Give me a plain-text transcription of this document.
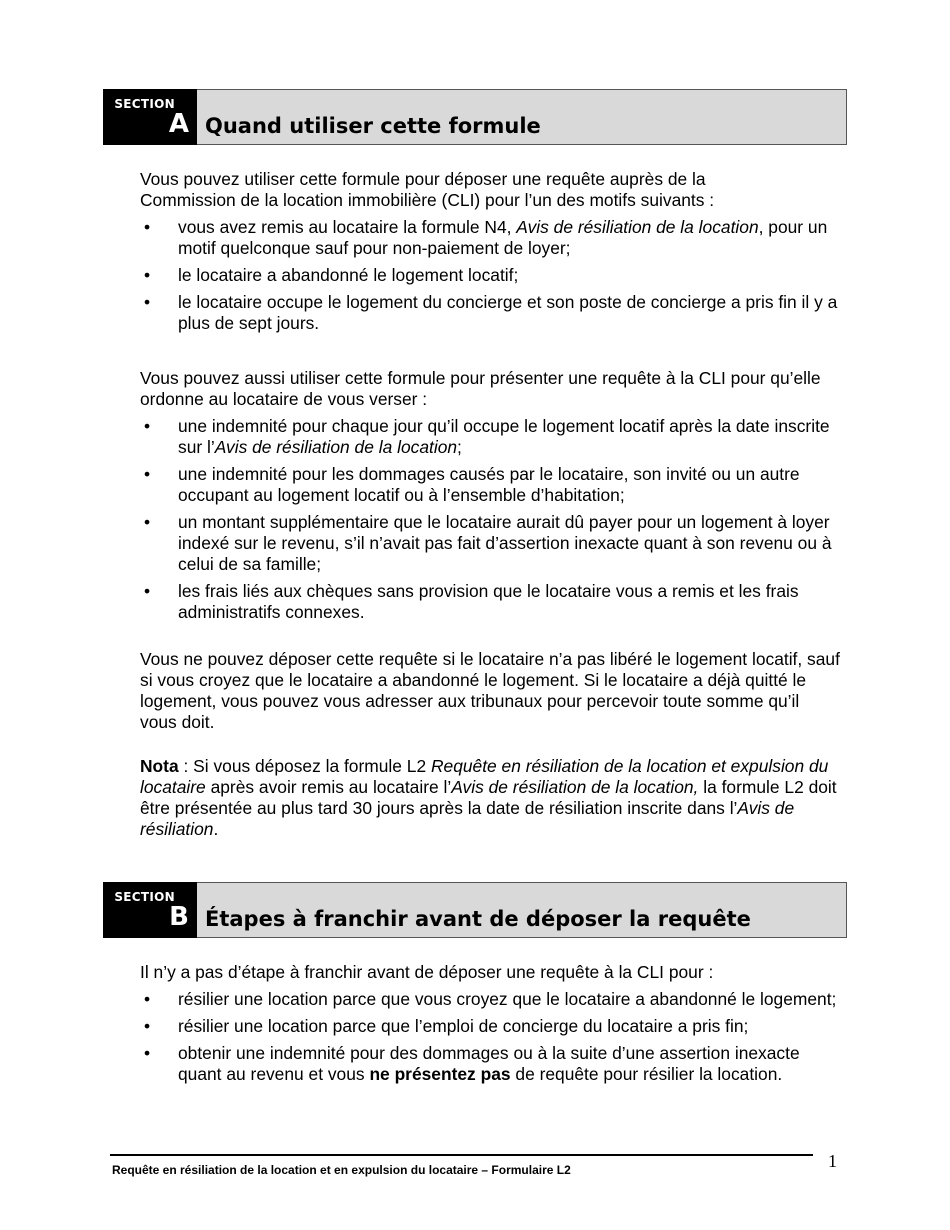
SECTION
A Quand utiliser cette formule

Vous pouvez utiliser cette formule pour déposer une requête auprès de la
Commission de la location immobilière (CLI) pour l’un des motifs suivants :

• vous avez remis au locataire la formule N4, Avis de résiliation de la location, pour un motif quelconque sauf pour non-paiement de loyer;
• le locataire a abandonné le logement locatif;
• le locataire occupe le logement du concierge et son poste de concierge a pris fin il y a plus de sept jours.

Vous pouvez aussi utiliser cette formule pour présenter une requête à la CLI pour qu’elle ordonne au locataire de vous verser :

• une indemnité pour chaque jour qu’il occupe le logement locatif après la date inscrite sur l’Avis de résiliation de la location;
• une indemnité pour les dommages causés par le locataire, son invité ou un autre occupant au logement locatif ou à l’ensemble d’habitation;
• un montant supplémentaire que le locataire aurait dû payer pour un logement à loyer indexé sur le revenu, s’il n’avait pas fait d’assertion inexacte quant à son revenu ou à celui de sa famille;
• les frais liés aux chèques sans provision que le locataire vous a remis et les frais administratifs connexes.

Vous ne pouvez déposer cette requête si le locataire n’a pas libéré le logement locatif, sauf si vous croyez que le locataire a abandonné le logement. Si le locataire a déjà quitté le logement, vous pouvez vous adresser aux tribunaux pour percevoir toute somme qu’il vous doit.

Nota : Si vous déposez la formule L2 Requête en résiliation de la location et expulsion du locataire après avoir remis au locataire l’Avis de résiliation de la location, la formule L2 doit être présentée au plus tard 30 jours après la date de résiliation inscrite dans l’Avis de résiliation.

SECTION
B Étapes à franchir avant de déposer la requête

Il n’y a pas d’étape à franchir avant de déposer une requête à la CLI pour :

• résilier une location parce que vous croyez que le locataire a abandonné le logement;
• résilier une location parce que l’emploi de concierge du locataire a pris fin;
• obtenir une indemnité pour des dommages ou à la suite d’une assertion inexacte quant au revenu et vous ne présentez pas de requête pour résilier la location.
Requête en résiliation de la location et en expulsion du locataire – Formulaire L2	1
